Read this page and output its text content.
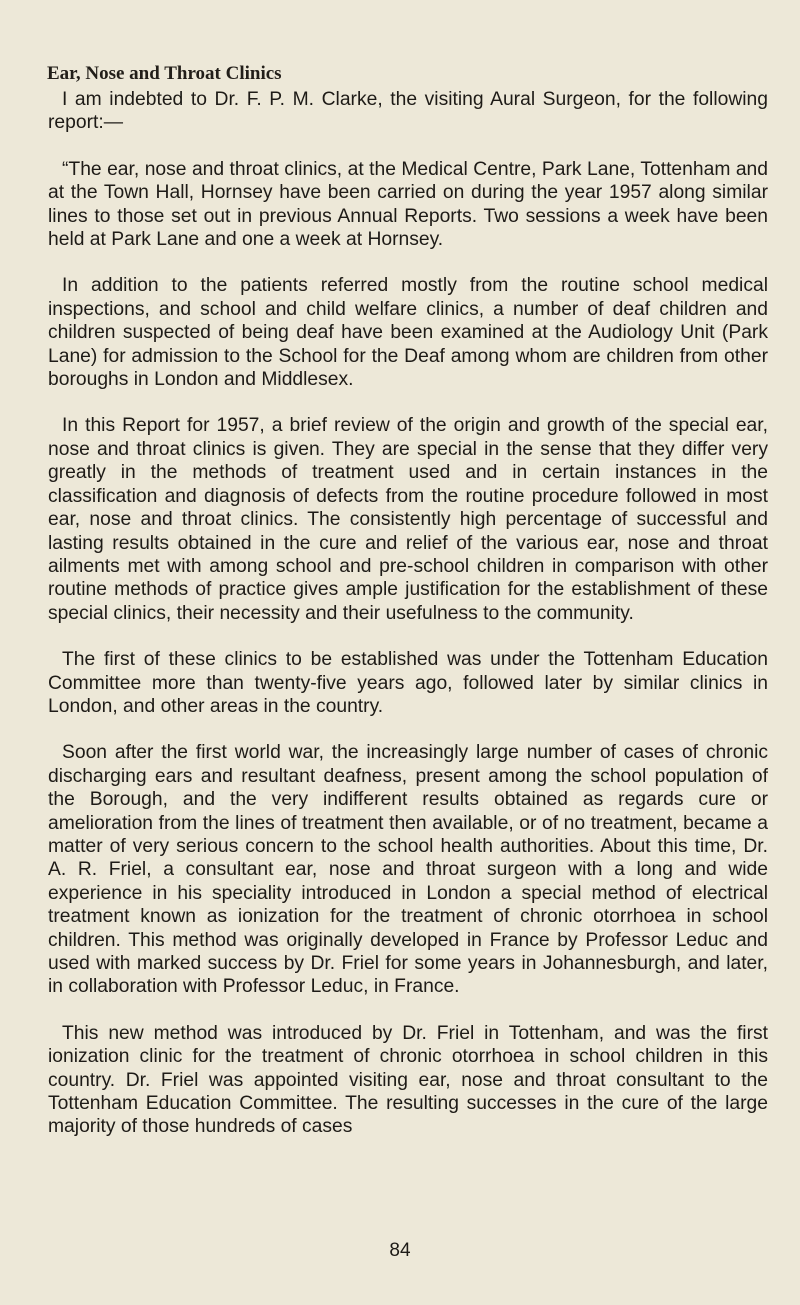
Ear, Nose and Throat Clinics

I am indebted to Dr. F. P. M. Clarke, the visiting Aural Surgeon, for the following report:—

“The ear, nose and throat clinics, at the Medical Centre, Park Lane, Tottenham and at the Town Hall, Hornsey have been carried on during the year 1957 along similar lines to those set out in previous Annual Reports. Two sessions a week have been held at Park Lane and one a week at Hornsey.

In addition to the patients referred mostly from the routine school medical inspections, and school and child welfare clinics, a number of deaf children and children suspected of being deaf have been examined at the Audiology Unit (Park Lane) for admission to the School for the Deaf among whom are children from other boroughs in London and Middlesex.

In this Report for 1957, a brief review of the origin and growth of the special ear, nose and throat clinics is given. They are special in the sense that they differ very greatly in the methods of treatment used and in certain instances in the classification and diagnosis of defects from the routine procedure followed in most ear, nose and throat clinics. The consistently high percentage of successful and lasting results obtained in the cure and relief of the various ear, nose and throat ailments met with among school and pre-school children in comparison with other routine methods of practice gives ample justification for the establishment of these special clinics, their necessity and their usefulness to the community.

The first of these clinics to be established was under the Tottenham Education Committee more than twenty-five years ago, followed later by similar clinics in London, and other areas in the country.

Soon after the first world war, the increasingly large number of cases of chronic discharging ears and resultant deafness, present among the school population of the Borough, and the very indifferent results obtained as regards cure or amelioration from the lines of treatment then available, or of no treatment, became a matter of very serious concern to the school health authorities. About this time, Dr. A. R. Friel, a consultant ear, nose and throat surgeon with a long and wide experience in his speciality introduced in London a special method of electrical treatment known as ionization for the treatment of chronic otorrhoea in school children. This method was originally developed in France by Professor Leduc and used with marked success by Dr. Friel for some years in Johannesburgh, and later, in collaboration with Professor Leduc, in France.

This new method was introduced by Dr. Friel in Tottenham, and was the first ionization clinic for the treatment of chronic otorrhoea in school children in this country. Dr. Friel was appointed visiting ear, nose and throat consultant to the Tottenham Education Committee. The resulting successes in the cure of the large majority of those hundreds of cases

84
